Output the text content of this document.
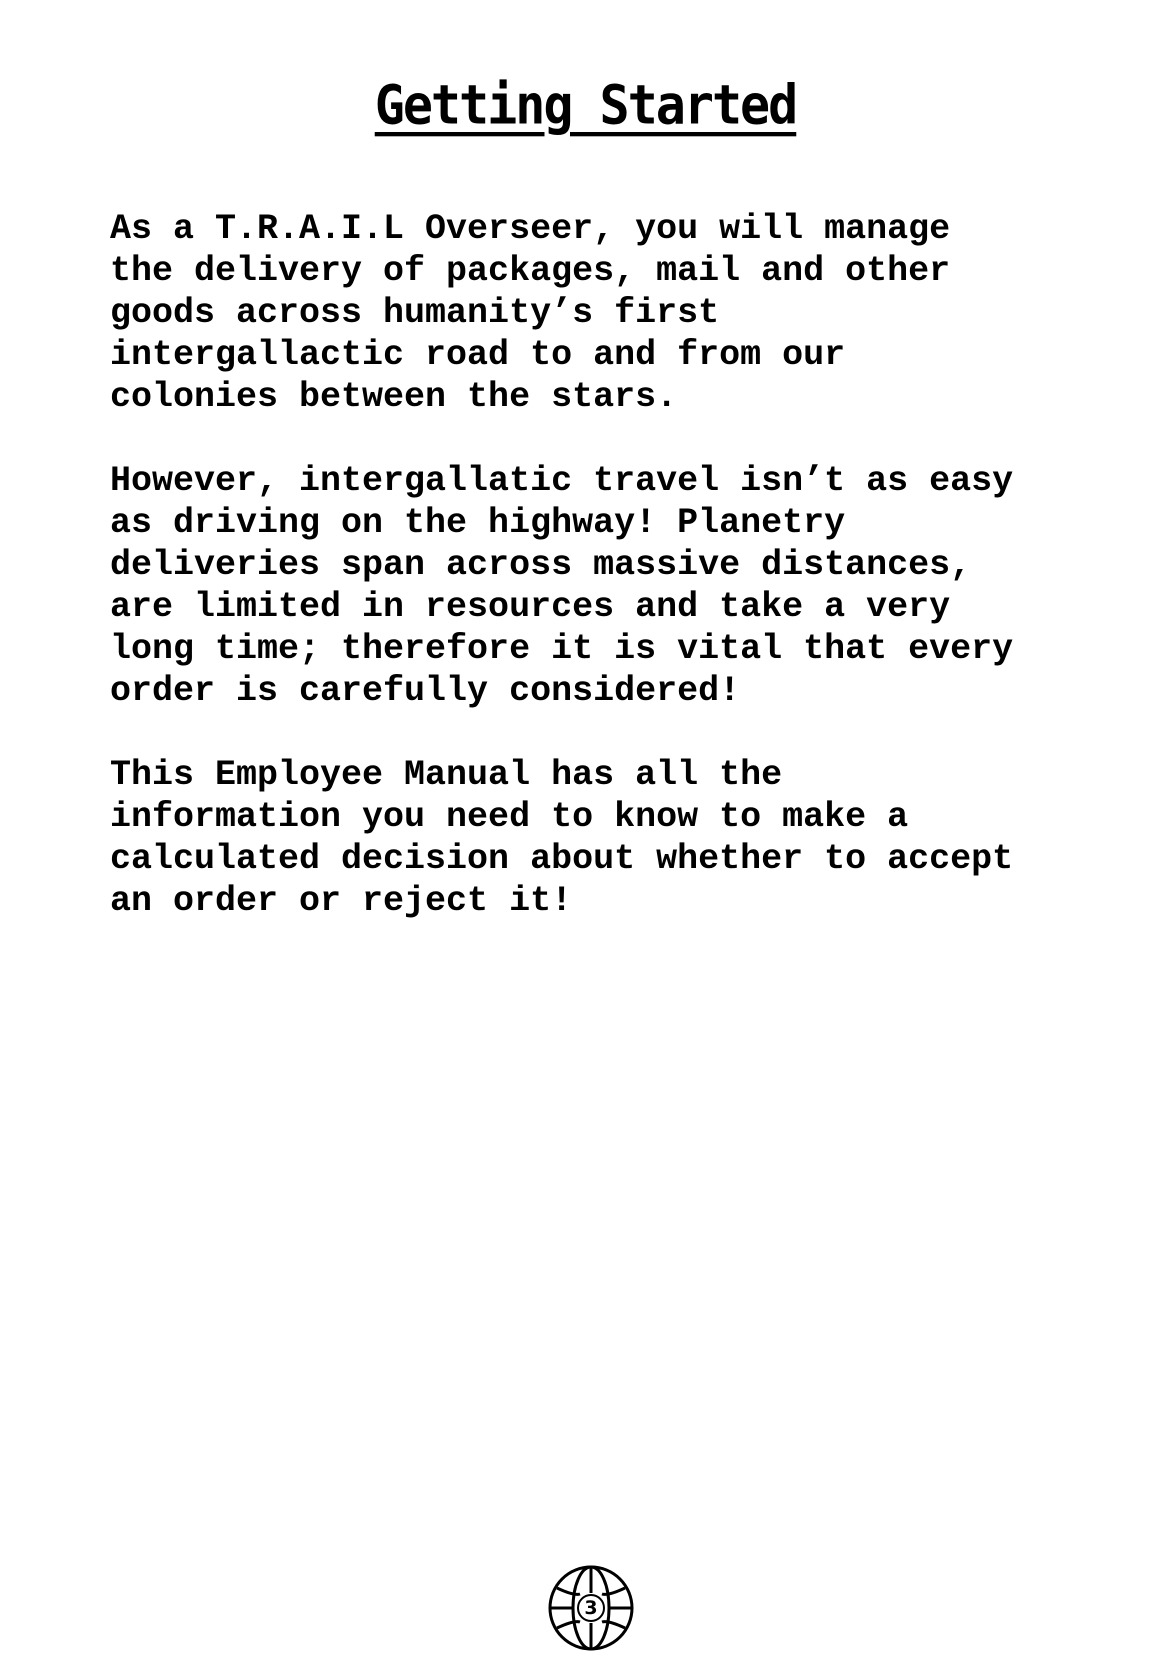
Getting Started

As a T.R.A.I.L Overseer, you will manage
the delivery of packages, mail and other
goods across humanity’s first
intergallactic road to and from our
colonies between the stars.

However, intergallatic travel isn’t as easy
as driving on the highway! Planetry
deliveries span across massive distances,
are limited in resources and take a very
long time; therefore it is vital that every
order is carefully considered!

This Employee Manual has all the
information you need to know to make a
calculated decision about whether to accept
an order or reject it!

3
